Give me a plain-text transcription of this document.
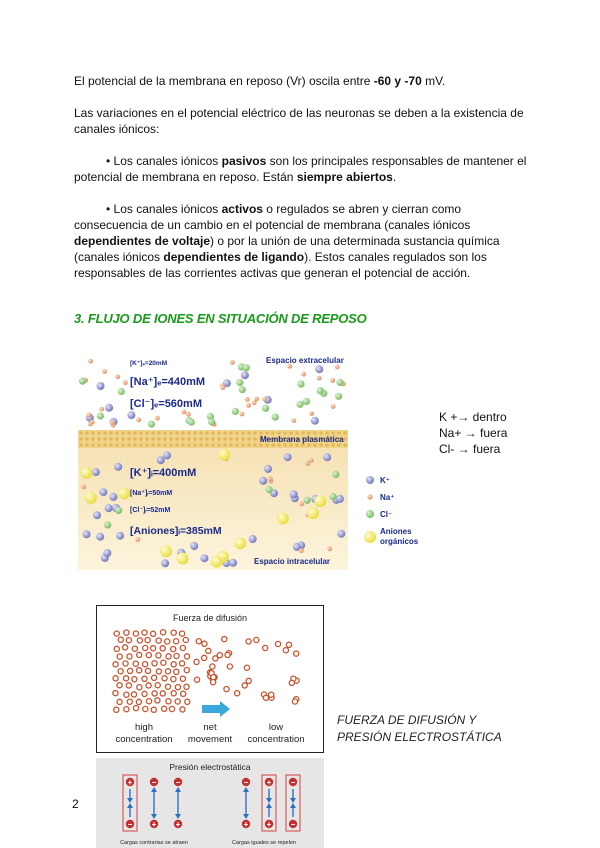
El potencial de la membrana en reposo (Vr) oscila entre -60 y -70 mV.
Las variaciones en el potencial eléctrico de las neuronas se deben a la existencia de canales iónicos:
• Los canales iónicos pasivos son los principales responsables de mantener el potencial de membrana en reposo. Están siempre abiertos.
• Los canales iónicos activos o regulados se abren y cierran como consecuencia de un cambio en el potencial de membrana (canales iónicos dependientes de voltaje) o por la unión de una determinada sustancia química (canales iónicos dependientes de ligando). Estos canales regulados son los responsables de las corrientes activas que generan el potencial de acción.
3. FLUJO DE IONES EN SITUACIÓN DE REPOSO
Espacio extracelular
[K⁺]ₑ=20mM
[Na⁺]ₑ=440mM
[Cl⁻]ₑ=560mM
Membrana plasmática
[K⁺]ᵢ=400mM
[Na⁺]ᵢ=50mM
[Cl⁻]ᵢ=52mM
[Aniones]ᵢ=385mM
Espacio intracelular
K⁺
Na⁺
Cl⁻
Aniones
orgánicos
K +→ dentro
Na+ → fuera
Cl- → fuera
Fuerza de difusión
high
concentration
net
movement
low
concentration
FUERZA DE DIFUSIÓN Y
PRESIÓN ELECTROSTÁTICA
Presión electrostática
+
−
−
+
−
+
−
+
+
+
−
−
Cargas contrarias se atraen	Cargas iguales se repelen
2
